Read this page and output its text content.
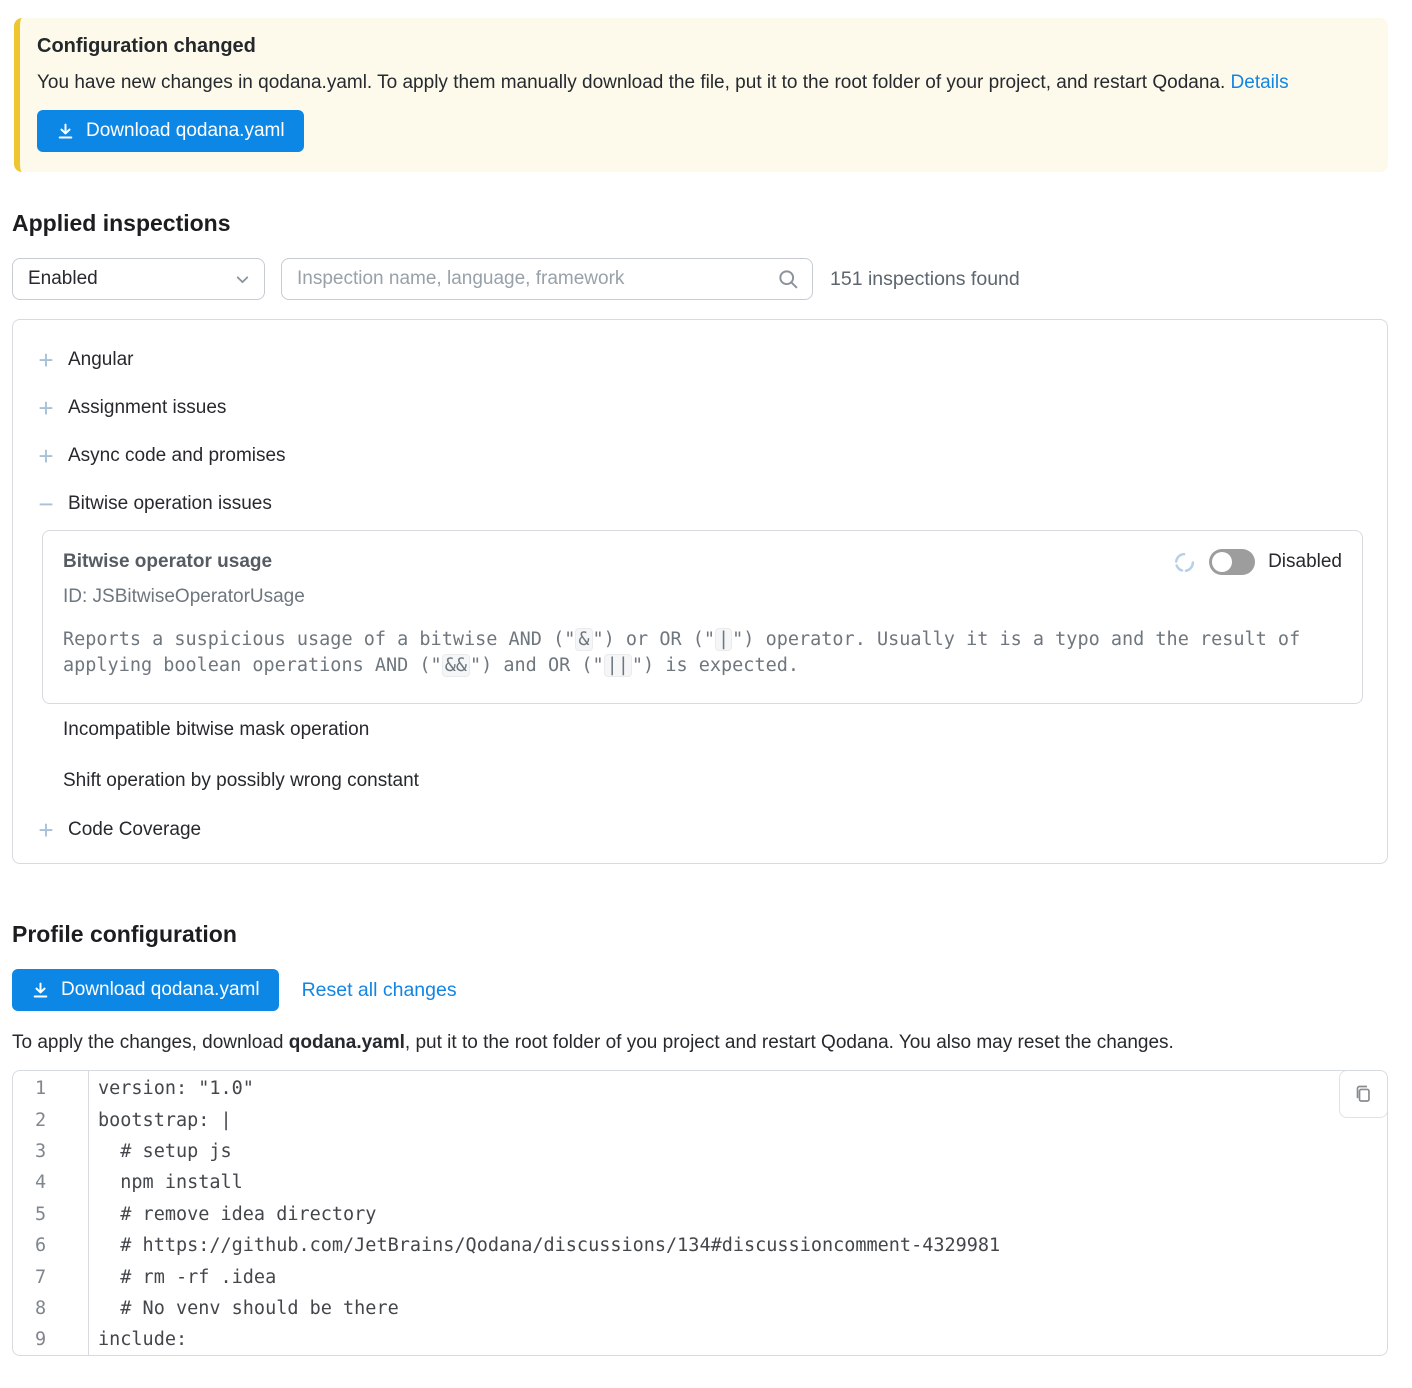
Configuration changed
You have new changes in qodana.yaml. To apply them manually download the file, put it to the root folder of your project, and restart Qodana. Details
Download qodana.yaml
Applied inspections
Enabled
Inspection name, language, framework	151 inspections found
+ Angular
+ Assignment issues
+ Async code and promises
− Bitwise operation issues
Bitwise operator usage	Disabled
ID: JSBitwiseOperatorUsage
Reports a suspicious usage of a bitwise AND (" & ") or OR (" | ") operator. Usually it is a typo and the result of applying boolean operations AND (" && ") and OR (" || ") is expected.
Incompatible bitwise mask operation
Shift operation by possibly wrong constant
+ Code Coverage
Profile configuration
Download qodana.yaml Reset all changes

To apply the changes, download qodana.yaml, put it to the root folder of you project and restart Qodana. You also may reset the changes.

1	version: "1.0"
2	bootstrap: |
3	# setup js
4	npm install
5	# remove idea directory
6	# https://github.com/JetBrains/Qodana/discussions/134#discussioncomment-4329981
7	# rm -rf .idea
8	# No venv should be there
9	include:
